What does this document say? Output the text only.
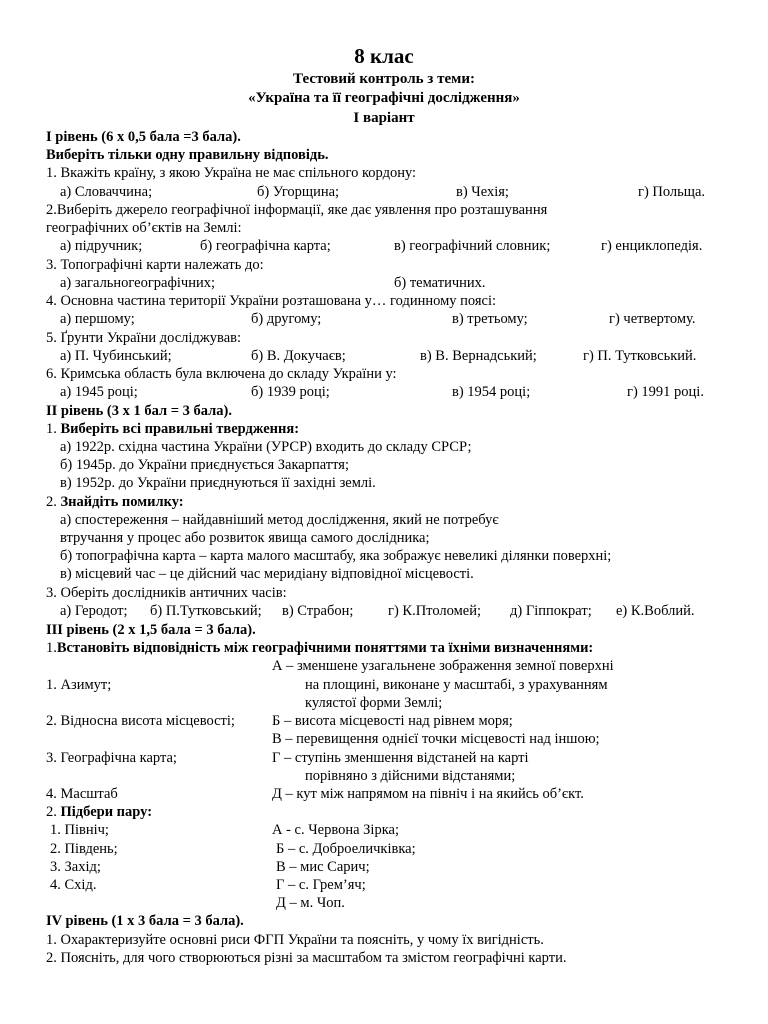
8 клас
Тестовий контроль з теми:
«Україна та її географічні дослідження»
І варіант
І рівень (6 х 0,5 бала =3 бала).
Виберіть тільки одну правильну відповідь.
1. Вкажіть країну, з якою Україна не має спільного кордону:
а) Словаччина;	б) Угорщина;	в) Чехія;	г) Польща.
2.Виберіть джерело географічної інформації, яке дає уявлення про розташування
географічних об’єктів на Землі:
а) підручник;	б) географічна карта;	в) географічний словник;	г) енциклопедія.
3. Топографічні карти належать до:
а) загальногеографічних;	б) тематичних.
4. Основна частина території України розташована у… годинному поясі:
а) першому;	б) другому;	в) третьому;	г) четвертому.
5. Ґрунти України досліджував:
а) П. Чубинський;	б) В. Докучаєв;	в) В. Вернадський;	г) П. Тутковський.
6. Кримська область була включена до складу України у:
а) 1945 році;	б) 1939 році;	в) 1954 році;	г) 1991 році.
ІІ рівень (3 х 1 бал = 3 бала).
1. Виберіть всі правильні твердження:
а) 1922р. східна частина України (УРСР) входить до складу СРСР;
б) 1945р. до України приєднується Закарпаття;
в) 1952р. до України приєднуються її західні землі.
2. Знайдіть помилку:
а) спостереження – найдавніший метод дослідження, який не потребує
втручання у процес або розвиток явища самого дослідника;
б) топографічна карта – карта малого масштабу, яка зображує невеликі ділянки поверхні;
в) місцевий час – це дійсний час меридіану відповідної місцевості.
3. Оберіть дослідників античних часів:
а) Геродот; б) П.Тутковський; в) Страбон; г) К.Птоломей; д) Гіппократ; е) К.Воблий.
ІІІ рівень (2 х 1,5 бала = 3 бала).
1.Встановіть відповідність між географічними поняттями та їхніми визначеннями:
А – зменшене узагальнене зображення земної поверхні
1. Азимут;	на площині, виконане у масштабі, з урахуванням
кулястої форми Землі;
2. Відносна висота місцевості;	Б – висота місцевості над рівнем моря;
В – перевищення однієї точки місцевості над іншою;
3. Географічна карта;	Г – ступінь зменшення відстаней на карті
порівняно з дійсними відстанями;
4. Масштаб	Д – кут між напрямом на північ і на якийсь об’єкт.
2. Підбери пару:
1. Північ;	А - с. Червона Зірка;
2. Південь;	Б – с. Доброеличківка;
3. Захід;	В – мис Сарич;
4. Схід.	Г – с. Грем’яч;
Д – м. Чоп.
ІV рівень (1 х 3 бала = 3 бала).
1. Охарактеризуйте основні риси ФГП України та поясніть, у чому їх вигідність.
2. Поясніть, для чого створюються різні за масштабом та змістом географічні карти.
